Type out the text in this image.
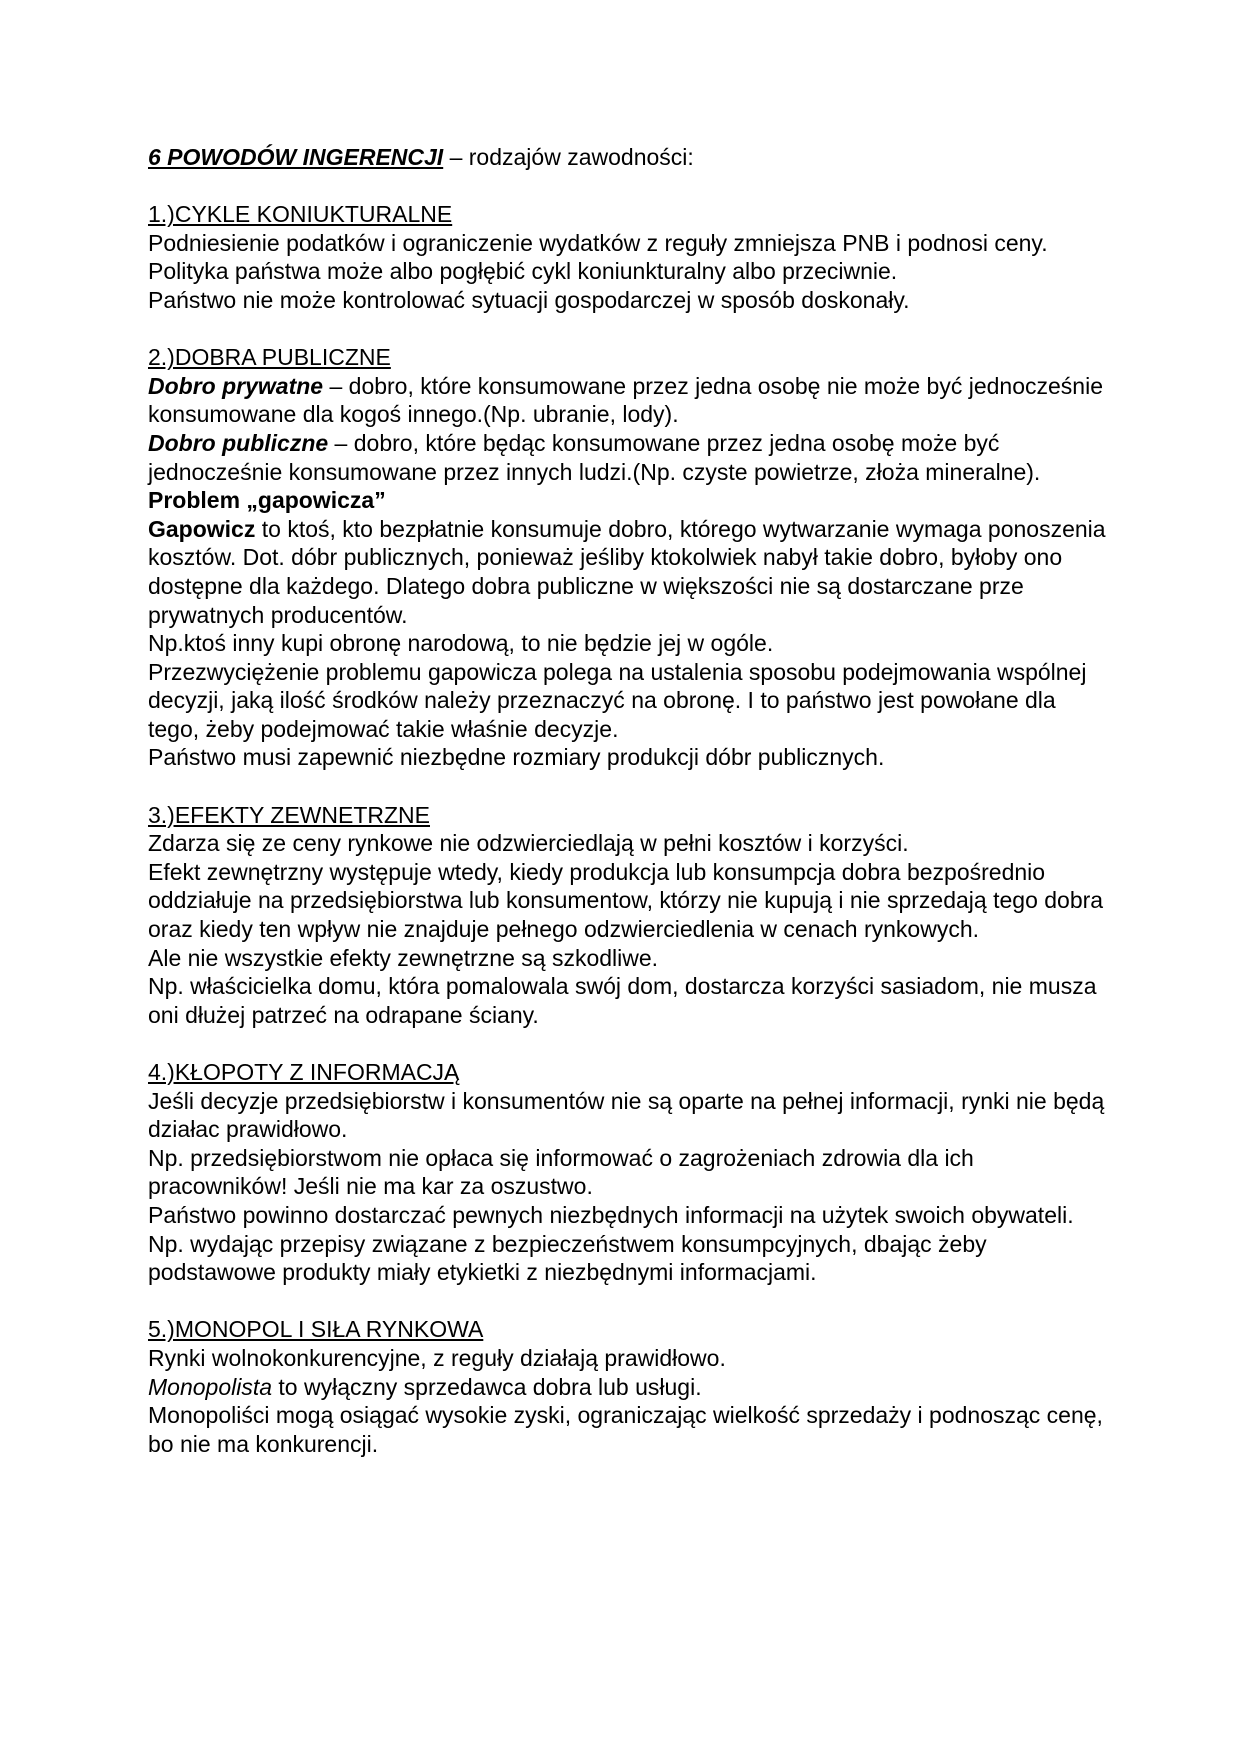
6 POWODÓW INGERENCJI – rodzajów zawodności:

1.)CYKLE KONIUKTURALNE

Podniesienie podatków i ograniczenie wydatków z reguły zmniejsza PNB i podnosi ceny.

Polityka państwa może albo pogłębić cykl koniunkturalny albo przeciwnie.

Państwo nie może kontrolować sytuacji gospodarczej w sposób doskonały.

2.)DOBRA PUBLICZNE

Dobro prywatne – dobro, które konsumowane przez jedna osobę nie może być jednocześnie konsumowane dla kogoś innego.(Np. ubranie, lody).

Dobro publiczne – dobro, które będąc konsumowane przez jedna osobę może być jednocześnie konsumowane przez innych ludzi.(Np. czyste powietrze, złoża mineralne).

Problem „gapowicza”

Gapowicz to ktoś, kto bezpłatnie konsumuje dobro, którego wytwarzanie wymaga ponoszenia kosztów. Dot. dóbr publicznych, ponieważ jeśliby ktokolwiek nabył takie dobro, byłoby ono dostępne dla każdego. Dlatego dobra publiczne w większości nie są dostarczane prze prywatnych producentów.

Np.ktoś inny kupi obronę narodową, to nie będzie jej w ogóle.

Przezwyciężenie problemu gapowicza polega na ustalenia sposobu podejmowania wspólnej decyzji, jaką ilość środków należy przeznaczyć na obronę. I to państwo jest powołane dla tego, żeby podejmować takie właśnie decyzje.

Państwo musi zapewnić niezbędne rozmiary produkcji dóbr publicznych.

3.)EFEKTY ZEWNETRZNE

Zdarza się ze ceny rynkowe nie odzwierciedlają w pełni kosztów i korzyści.

Efekt zewnętrzny występuje wtedy, kiedy produkcja lub konsumpcja dobra bezpośrednio oddziałuje na przedsiębiorstwa lub konsumentow, którzy nie kupują i nie sprzedają tego dobra oraz kiedy ten wpływ nie znajduje pełnego odzwierciedlenia w cenach rynkowych.

Ale nie wszystkie efekty zewnętrzne są szkodliwe.

Np. właścicielka domu, która pomalowala swój dom, dostarcza korzyści sasiadom, nie musza oni dłużej patrzeć na odrapane ściany.

4.)KŁOPOTY Z INFORMACJĄ

Jeśli decyzje przedsiębiorstw i konsumentów nie są oparte na pełnej informacji, rynki nie będą działac prawidłowo.

Np. przedsiębiorstwom nie opłaca się informować o zagrożeniach zdrowia dla ich pracowników! Jeśli nie ma kar za oszustwo.

Państwo powinno dostarczać pewnych niezbędnych informacji na użytek swoich obywateli.

Np. wydając przepisy związane z bezpieczeństwem konsumpcyjnych, dbając żeby podstawowe produkty miały etykietki z niezbędnymi informacjami.

5.)MONOPOL I SIŁA RYNKOWA

Rynki wolnokonkurencyjne, z reguły działają prawidłowo.

Monopolista to wyłączny sprzedawca dobra lub usługi.

Monopoliści mogą osiągać wysokie zyski, ograniczając wielkość sprzedaży i podnosząc cenę, bo nie ma konkurencji.
